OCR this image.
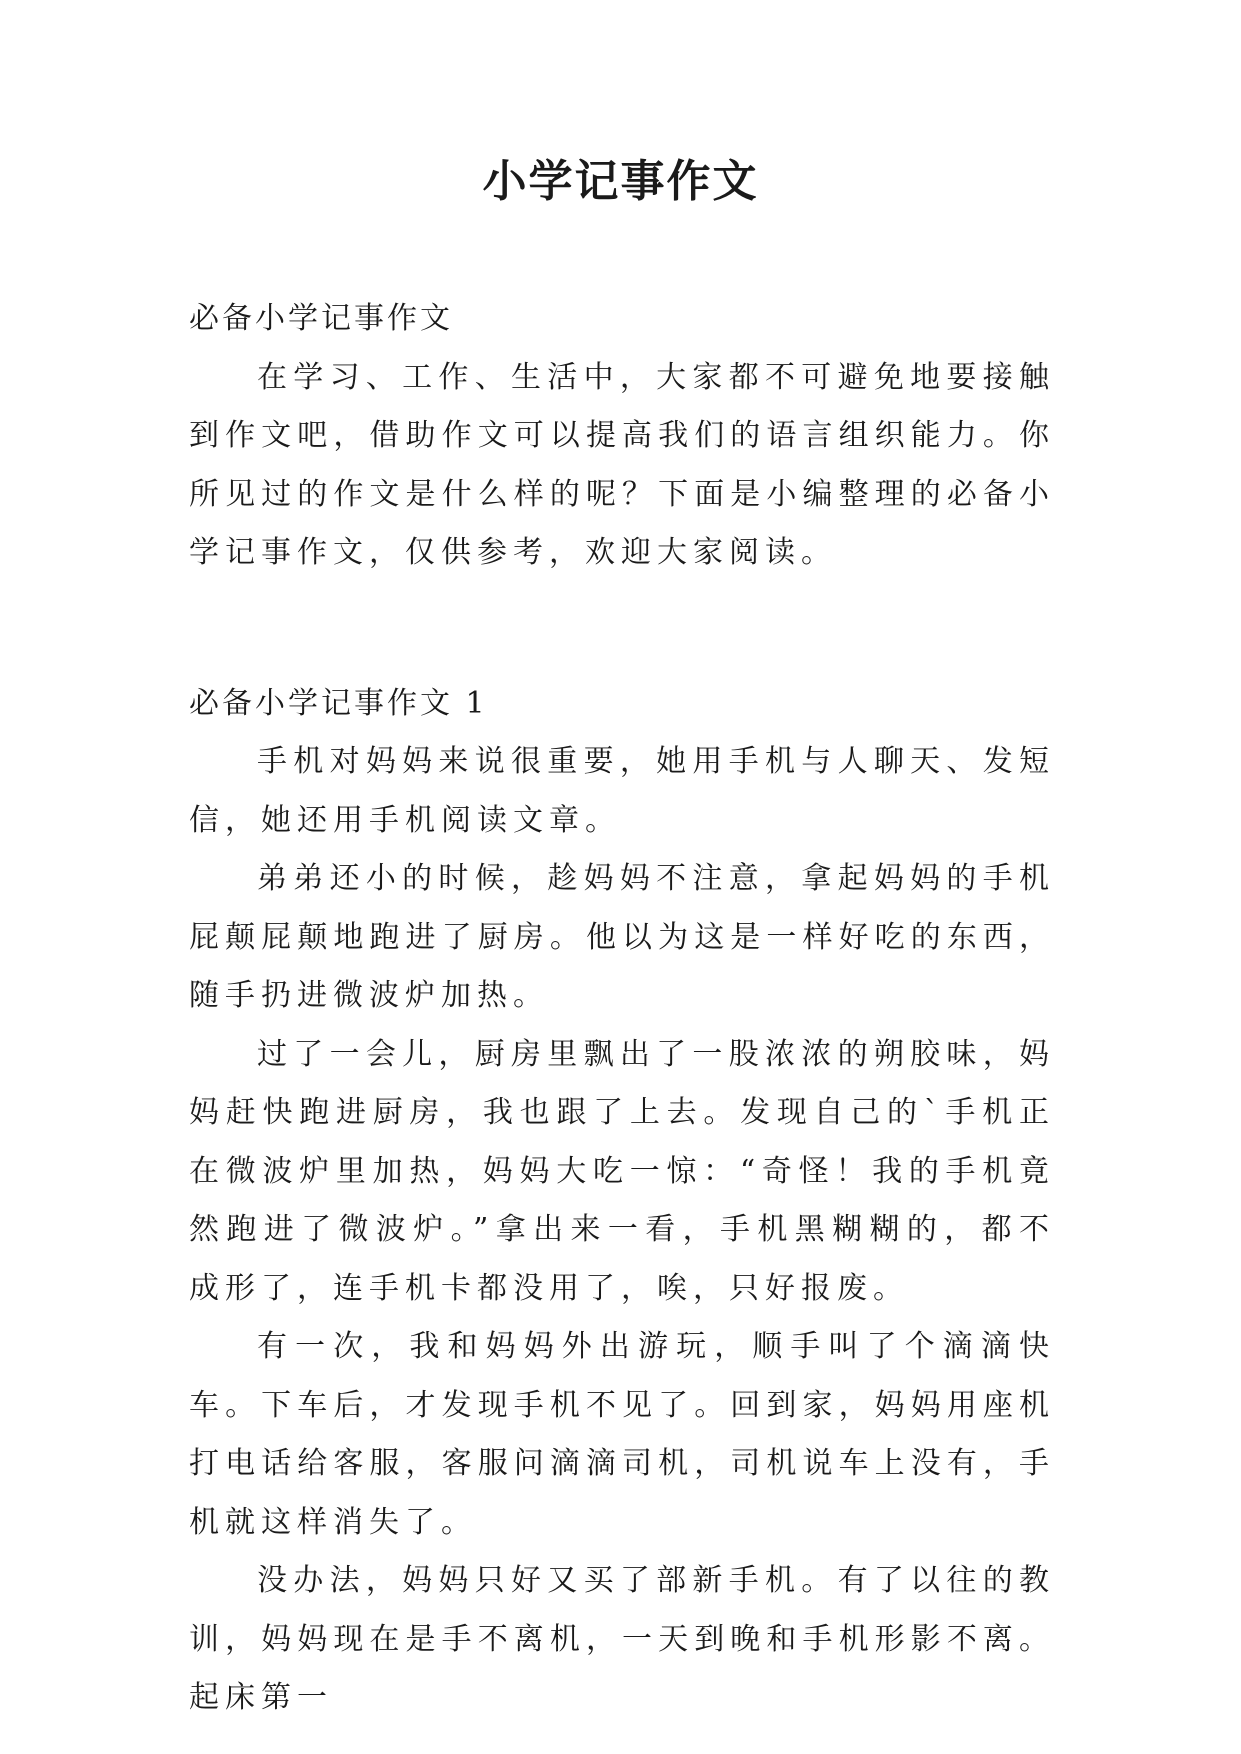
小学记事作文

必备小学记事作文

在学习、工作、生活中，大家都不可避免地要接触到作文吧，借助作文可以提高我们的语言组织能力。你所见过的作文是什么样的呢？下面是小编整理的必备小学记事作文，仅供参考，欢迎大家阅读。

必备小学记事作文 1

手机对妈妈来说很重要，她用手机与人聊天、发短信，她还用手机阅读文章。

弟弟还小的时候，趁妈妈不注意，拿起妈妈的手机屁颠屁颠地跑进了厨房。他以为这是一样好吃的东西，随手扔进微波炉加热。

过了一会儿，厨房里飘出了一股浓浓的朔胶味，妈妈赶快跑进厨房，我也跟了上去。发现自己的`手机正在微波炉里加热，妈妈大吃一惊：“奇怪！我的手机竟然跑进了微波炉。”拿出来一看，手机黑糊糊的，都不成形了，连手机卡都没用了，唉，只好报废。

有一次，我和妈妈外出游玩，顺手叫了个滴滴快车。下车后，才发现手机不见了。回到家，妈妈用座机打电话给客服，客服问滴滴司机，司机说车上没有，手机就这样消失了。

没办法，妈妈只好又买了部新手机。有了以往的教训，妈妈现在是手不离机，一天到晚和手机形影不离。起床第一
